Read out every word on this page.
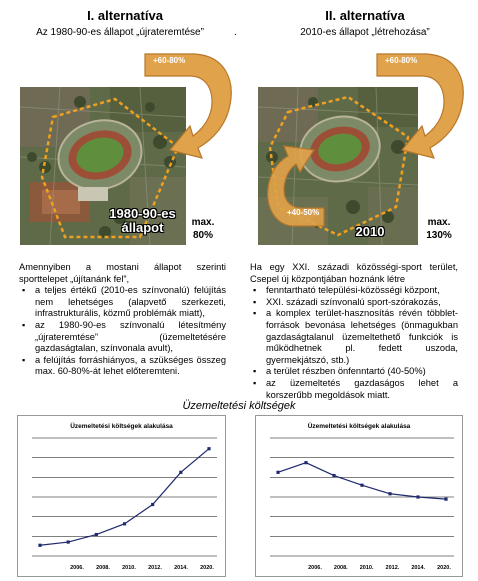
I. alternatíva
Az 1980-90-es állapot „újrateremtése”	.
II. alternatíva
2010-es állapot „létrehozása”
1980-90-es állapot
+60-80%
max.
80%	2010
+60-80%
+40-50%
max.
130%
Amennyiben a mostani állapot szerinti sporttelepet „újítanánk fel”,
▪ a teljes értékű (2010-es színvonalú) felújítás nem lehetséges (alapvető szerkezeti, infrastrukturális, közmű problémák miatt),
▪ az 1980-90-es színvonalú létesítmény „újrateremtése” (üzemeltetésére gazdaságtalan, színvonala avult),
▪ a felújítás forráshiányos, a szükséges összeg max. 60-80%-át lehet előteremteni.
Ha egy XXI. századi közösségi-sport terület, Csepel új központjában hoznánk létre
▪ fenntartható települési-közösségi központ,
▪ XXI. századi színvonalú sport-szórakozás,
▪ a komplex terület-hasznosítás révén többlet-források bevonása lehetséges (önmagukban gazdaságtalanul üzemeltethető funkciók is működhetnek pl. fedett uszoda, gyermekjátszó, stb.)
▪ a terület részben önfenntartó (40-50%)
▪ az üzemeltetés gazdaságos lehet a korszerűbb megoldások miatt.
Üzemeltetési költségek
Üzemeltetési költségek alakulása
2006. 2008. 2010. 2012. 2014. 2020.
Üzemeltetési költségek alakulása
2006. 2008. 2010. 2012. 2014. 2020.
